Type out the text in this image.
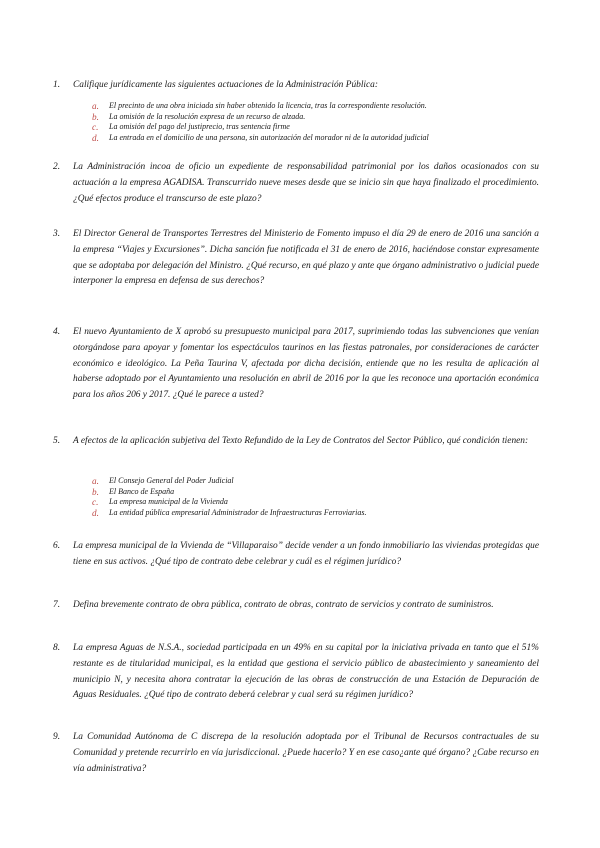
1. Califique jurídicamente las siguientes actuaciones de la Administración Pública:
a. El precinto de una obra iniciada sin haber obtenido la licencia, tras la correspondiente resolución.
b. La omisión de la resolución expresa de un recurso de alzada.
c. La omisión del pago del justiprecio, tras sentencia firme
d. La entrada en el domicilio de una persona, sin autorización del morador ni de la autoridad judicial
2. La Administración incoa de oficio un expediente de responsabilidad patrimonial por los daños ocasionados con su actuación a la empresa AGADISA. Transcurrido nueve meses desde que se inicio sin que haya finalizado el procedimiento. ¿Qué efectos produce el transcurso de este plazo?
3. El Director General de Transportes Terrestres del Ministerio de Fomento impuso el día 29 de enero de 2016 una sanción a la empresa “Viajes y Excursiones”. Dicha sanción fue notificada el 31 de enero de 2016, haciéndose constar expresamente que se adoptaba por delegación del Ministro. ¿Qué recurso, en qué plazo y ante que órgano administrativo o judicial puede interponer la empresa en defensa de sus derechos?
4. El nuevo Ayuntamiento de X aprobó su presupuesto municipal para 2017, suprimiendo todas las subvenciones que venían otorgándose para apoyar y fomentar los espectáculos taurinos en las fiestas patronales, por consideraciones de carácter económico e ideológico. La Peña Taurina V, afectada por dicha decisión, entiende que no les resulta de aplicación al haberse adoptado por el Ayuntamiento una resolución en abril de 2016 por la que les reconoce una aportación económica para los años 206 y 2017. ¿Qué le parece a usted?
5. A efectos de la aplicación subjetiva del Texto Refundido de la Ley de Contratos del Sector Público, qué condición tienen:
a. El Consejo General del Poder Judicial
b. El Banco de España
c. La empresa municipal de la Vivienda
d. La entidad pública empresarial Administrador de Infraestructuras Ferroviarias.
6. La empresa municipal de la Vivienda de “Villaparaiso” decide vender a un fondo inmobiliario las viviendas protegidas que tiene en sus activos. ¿Qué tipo de contrato debe celebrar y cuál es el régimen jurídico?
7. Defina brevemente contrato de obra pública, contrato de obras, contrato de servicios y contrato de suministros.
8. La empresa Aguas de N.S.A., sociedad participada en un 49% en su capital por la iniciativa privada en tanto que el 51% restante es de titularidad municipal, es la entidad que gestiona el servicio público de abastecimiento y saneamiento del municipio N, y necesita ahora contratar la ejecución de las obras de construcción de una Estación de Depuración de Aguas Residuales. ¿Qué tipo de contrato deberá celebrar y cual será su régimen jurídico?
9. La Comunidad Autónoma de C discrepa de la resolución adoptada por el Tribunal de Recursos contractuales de su Comunidad y pretende recurrirlo en vía jurisdiccional. ¿Puede hacerlo? Y en ese caso¿ante qué órgano? ¿Cabe recurso en vía administrativa?
